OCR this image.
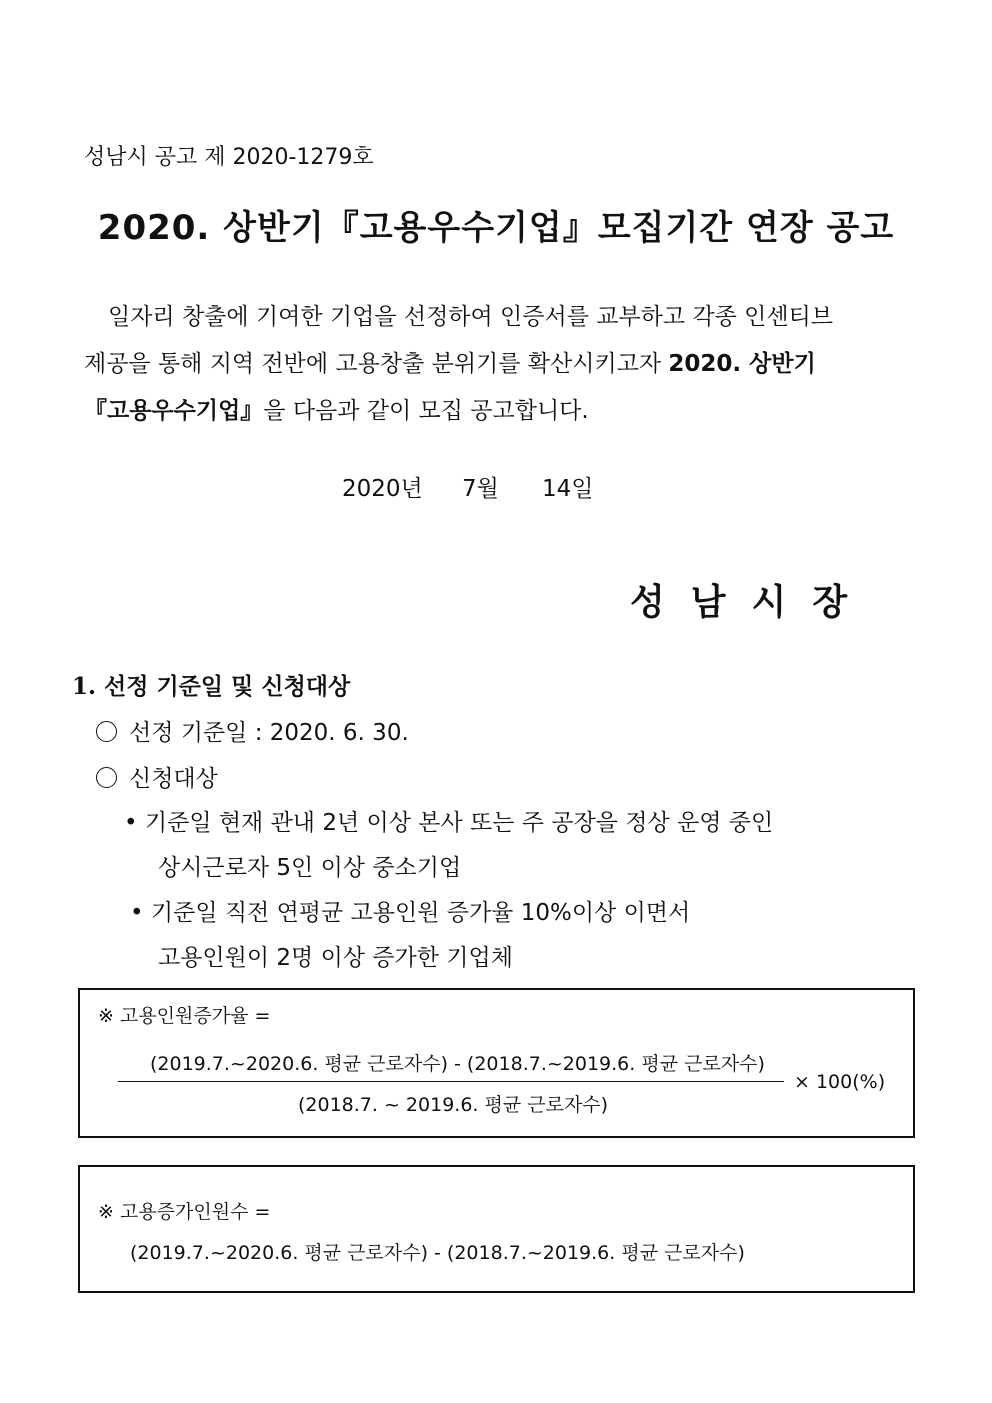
성남시 공고 제 2020-1279호
2020. 상반기『고용우수기업』모집기간 연장 공고
일자리 창출에 기여한 기업을 선정하여 인증서를 교부하고 각종 인센티브
제공을 통해 지역 전반에 고용창출 분위기를 확산시키고자 2020. 상반기
『고용우수기업』을 다음과 같이 모집 공고합니다.
2020년 7월 14일
성남시장
1. 선정 기준일 및 신청대상
선정 기준일 : 2020. 6. 30.
신청대상
• 기준일 현재 관내 2년 이상 본사 또는 주 공장을 정상 운영 중인
상시근로자 5인 이상 중소기업
• 기준일 직전 연평균 고용인원 증가율 10%이상 이면서
고용인원이 2명 이상 증가한 기업체
※ 고용인원증가율 =
(2019.7.~2020.6. 평균 근로자수) - (2018.7.~2019.6. 평균 근로자수)
(2018.7. ~ 2019.6. 평균 근로자수)
× 100(%)
※ 고용증가인원수 =
(2019.7.~2020.6. 평균 근로자수) - (2018.7.~2019.6. 평균 근로자수)
